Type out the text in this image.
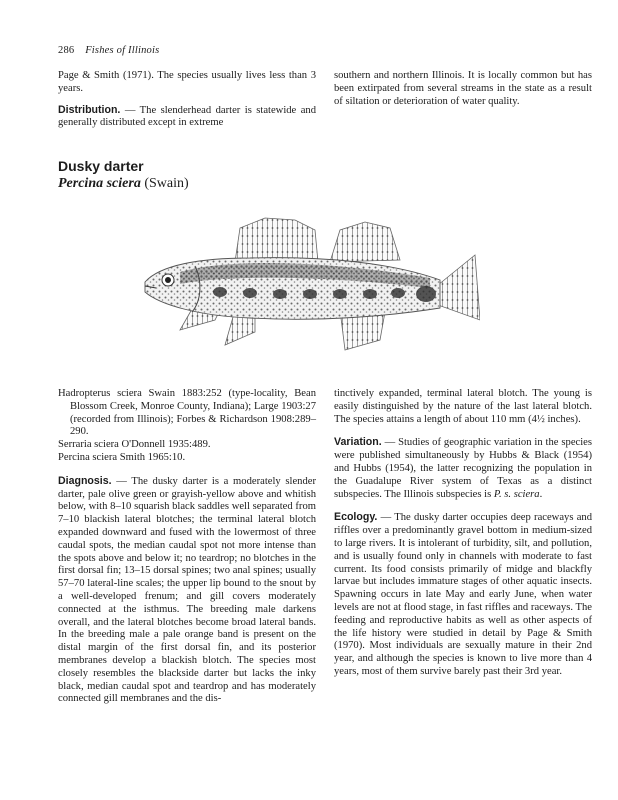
286 Fishes of Illinois

Page & Smith (1971). The species usually lives less than 3 years.

Distribution. — The slenderhead darter is statewide and generally distributed except in extreme

southern and northern Illinois. It is locally common but has been extirpated from several streams in the state as a result of siltation or deterioration of water quality.

Dusky darter
Percina sciera (Swain)

Hadropterus sciera Swain 1883:252 (type-locality, Bean Blossom Creek, Monroe County, Indiana); Large 1903:27 (recorded from Illinois); Forbes & Richardson 1908:289–290.

Serraria sciera O'Donnell 1935:489.

Percina sciera Smith 1965:10.

Diagnosis. — The dusky darter is a moderately slender darter, pale olive green or grayish-yellow above and whitish below, with 8–10 squarish black saddles well separated from 7–10 blackish lateral blotches; the terminal lateral blotch expanded downward and fused with the lowermost of three caudal spots, the median caudal spot not more intense than the spots above and below it; no teardrop; no blotches in the first dorsal fin; 13–15 dorsal spines; two anal spines; usually 57–70 lateral-line scales; the upper lip bound to the snout by a well-developed frenum; and gill covers moderately connected at the isthmus. The breeding male darkens overall, and the lateral blotches become broad lateral bands. In the breeding male a pale orange band is present on the distal margin of the first dorsal fin, and its posterior membranes develop a blackish blotch. The species most closely resembles the blackside darter but lacks the inky black, median caudal spot and teardrop and has moderately connected gill membranes and the dis-

tinctively expanded, terminal lateral blotch. The young is easily distinguished by the nature of the last lateral blotch. The species attains a length of about 110 mm (4½ inches).

Variation. — Studies of geographic variation in the species were published simultaneously by Hubbs & Black (1954) and Hubbs (1954), the latter recognizing the population in the Guadalupe River system of Texas as a distinct subspecies. The Illinois subspecies is P. s. sciera.

Ecology. — The dusky darter occupies deep raceways and riffles over a predominantly gravel bottom in medium-sized to large rivers. It is intolerant of turbidity, silt, and pollution, and is usually found only in channels with moderate to fast current. Its food consists primarily of midge and blackfly larvae but includes immature stages of other aquatic insects. Spawning occurs in late May and early June, when water levels are not at flood stage, in fast riffles and raceways. The feeding and reproductive habits as well as other aspects of the life history were studied in detail by Page & Smith (1970). Most individuals are sexually mature in their 2nd year, and although the species is known to live more than 4 years, most of them survive barely past their 3rd year.
